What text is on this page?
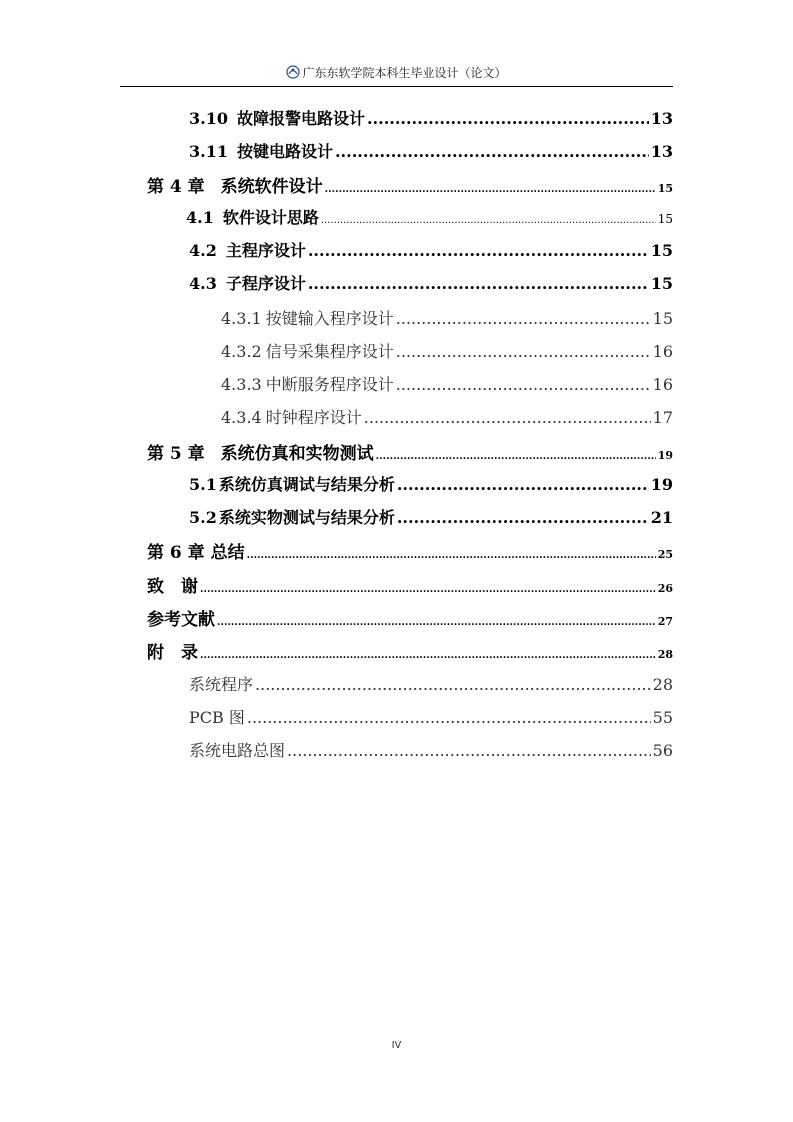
广东东软学院本科生毕业设计（论文）
3.10 故障报警电路设计 .....	13
3.11 按键电路设计 .....	13
第 4 章 系统软件设计 .....	15
4.1 软件设计思路 .....	15
4.2 主程序设计 .....	15
4.3 子程序设计 .....	15
4.3.1 按键输入程序设计 .....	15
4.3.2 信号采集程序设计 .....	16
4.3.3 中断服务程序设计 .....	16
4.3.4 时钟程序设计 .....	17
第 5 章 系统仿真和实物测试 .....	19
5.1 系统仿真调试与结果分析 .....	19
5.2 系统实物测试与结果分析 .....	21
第 6 章 总结 .....	25
致　谢 .....	26
参考文献 .....	27
附　录 .....	28
系统程序 .....	28
PCB 图 .....	55
系统电路总图 .....	56
IV
